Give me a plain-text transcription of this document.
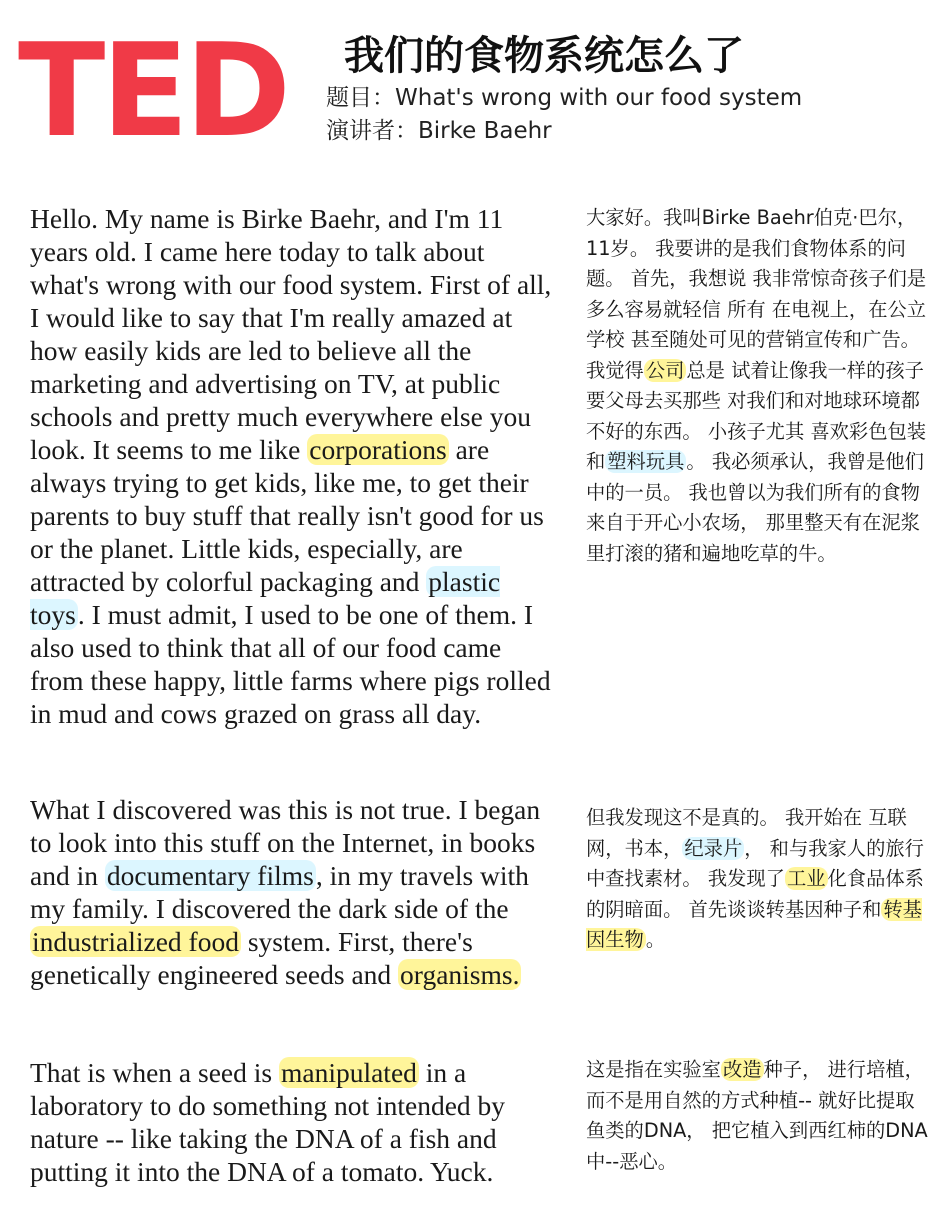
TED 我们的食物系统怎么了
题目：What's wrong with our food system
演讲者：Birke Baehr
Hello. My name is Birke Baehr, and I'm 11 years old. I came here today to talk about what's wrong with our food system. First of all, I would like to say that I'm really amazed at how easily kids are led to believe all the marketing and advertising on TV, at public schools and pretty much everywhere else you look. It seems to me like corporations are always trying to get kids, like me, to get their parents to buy stuff that really isn't good for us or the planet. Little kids, especially, are attracted by colorful packaging and plastic toys. I must admit, I used to be one of them. I also used to think that all of our food came from these happy, little farms where pigs rolled in mud and cows grazed on grass all day.
大家好。我叫Birke Baehr伯克·巴尔， 11岁。 我要讲的是我们食物体系的问题。 首先，我想说 我非常惊奇孩子们是多么容易就轻信 所有 在电视上，在公立学校 甚至随处可见的营销宣传和广告。 我觉得 公司 总是 试着让像我一样的孩子 要父母去买那些 对我们和对地球环境都不好的东西。 小孩子尤其 喜欢彩色包装和 塑料玩具 。 我必须承认，我曾是他们中的一员。 我也曾以为我们所有的食物 来自于开心小农场， 那里整天有在泥浆里打滚的猪和遍地吃草的牛。
What I discovered was this is not true. I began to look into this stuff on the Internet, in books and in documentary films, in my travels with my family. I discovered the dark side of the industrialized food system. First, there's genetically engineered seeds and organisms.
但我发现这不是真的。 我开始在 互联网，书本， 纪录片 ， 和与我家人的旅行中查找素材。 我发现了 工业 化食品体系的阴暗面。 首先谈谈转基因种子和 转基因生物 。
That is when a seed is manipulated in a laboratory to do something not intended by nature -- like taking the DNA of a fish and putting it into the DNA of a tomato. Yuck.
这是指在实验室 改造 种子， 进行培植，而不是用自然的方式种植-- 就好比提取鱼类的DNA， 把它植入到西红柿的DNA中--恶心。
